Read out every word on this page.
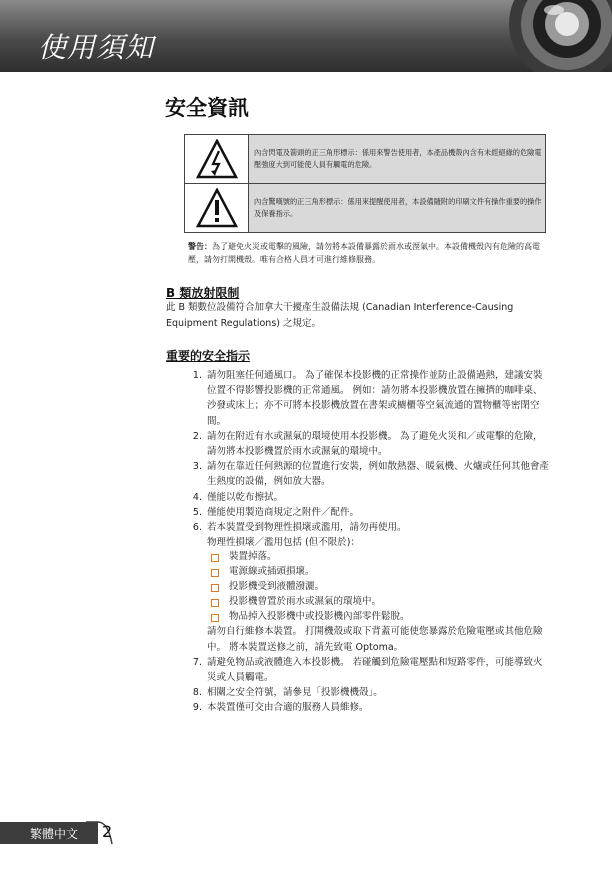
使用須知
安全資訊
內含閃電及箭頭的正三角形標示：係用來警告使用者，本產品機殼內含有未經絕緣的危險電壓強度大到可能使人員有觸電的危險。
內含驚嘆號的正三角形標示：係用來提醒使用者，本設備隨附的印刷文件有操作重要的操作及保養指示。
警告：為了避免火災或電擊的風險，請勿將本設備暴露於雨水或溼氣中。本設備機殼內有危險的高電壓，請勿打開機殼。唯有合格人員才可進行維修服務。
B 類放射限制
此 B 類數位設備符合加拿大干擾產生設備法規 (Canadian Interference-Causing Equipment Regulations) 之規定。
重要的安全指示
1. 請勿阻塞任何通風口。 為了確保本投影機的正常操作並防止設備過熱，建議安裝位置不得影響投影機的正常通風。 例如：請勿將本投影機放置在擁擠的咖啡桌、沙發或床上；亦不可將本投影機放置在書架或櫥櫃等空氣流通的置物櫃等密閉空間。
2. 請勿在附近有水或濕氣的環境使用本投影機。 為了避免火災和／或電擊的危險，請勿將本投影機置於雨水或濕氣的環境中。
3. 請勿在靠近任何熱源的位置進行安裝，例如散熱器、暖氣機、火爐或任何其他會產生熱度的設備，例如放大器。
4. 僅能以乾布擦拭。
5. 僅能使用製造商規定之附件／配件。
6. 若本裝置受到物理性損壞或濫用，請勿再使用。
物理性損壞／濫用包括 (但不限於)：
裝置掉落。
電源線或插頭損壞。
投影機受到液體潑灑。
投影機曾置於雨水或濕氣的環境中。
物品掉入投影機中或投影機內部零件鬆脫。
請勿自行維修本裝置。 打開機殼或取下背蓋可能使您暴露於危險電壓或其他危險中。 將本裝置送修之前，請先致電 Optoma。
7. 請避免物品或液體進入本投影機。 若碰觸到危險電壓點和短路零件，可能導致火災或人員觸電。
8. 相關之安全符號，請參見「投影機機殼」。
9. 本裝置僅可交由合適的服務人員維修。
繁體中文 2
